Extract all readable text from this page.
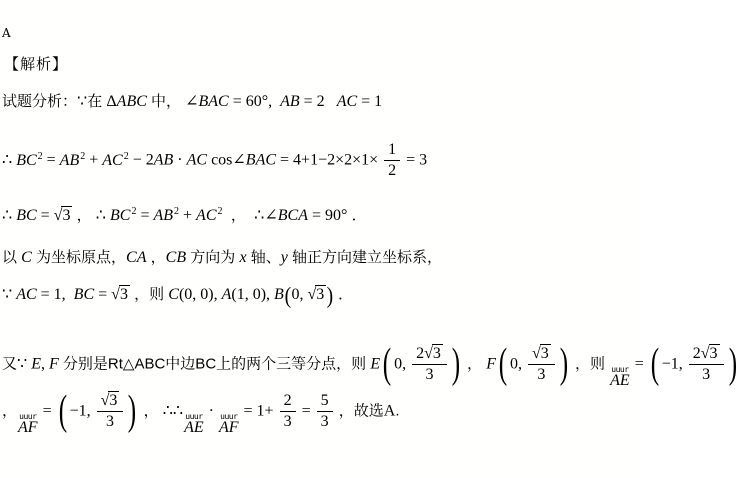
A
【解析】
试题分析：∵在 ΔABC 中， ∠BAC = 60°,  AB = 2   AC = 1
∴ $BC^2 = AB^2 + AC^2 - 2AB$ · AC cos∠BAC = $4+1-2\times 2\times 1\times \frac{1}{2} = 3$
∴ BC = √3 ， ∴ $BC^2 = AB^2 + AC^2$  ，  ∴∠BCA = 90° ．
以 C 为坐标原点，CA ，CB 方向为 x 轴、y 轴正方向建立坐标系，
∵ AC = 1,  BC = √3 ，则 C(0, 0), A(1, 0), B(0, √3 ) ．
又∵ E, F 分别是Rt△ABC中边BC上的两个三等分点，则 E( 0, $\frac{2√3}{3}$ ) ， F( 0, $\frac{√3}{3}$ ) ，则 uuur
AE
= ( −1, $\frac{2√3}{3}$ )
， uuur
AF
= ( −1, $\frac{√3}{3}$ ) ， ∴∴ uuur
AE
· uuur
AF
= $1+ \frac{2}{3} = \frac{5}{3}$ ，故选A.
